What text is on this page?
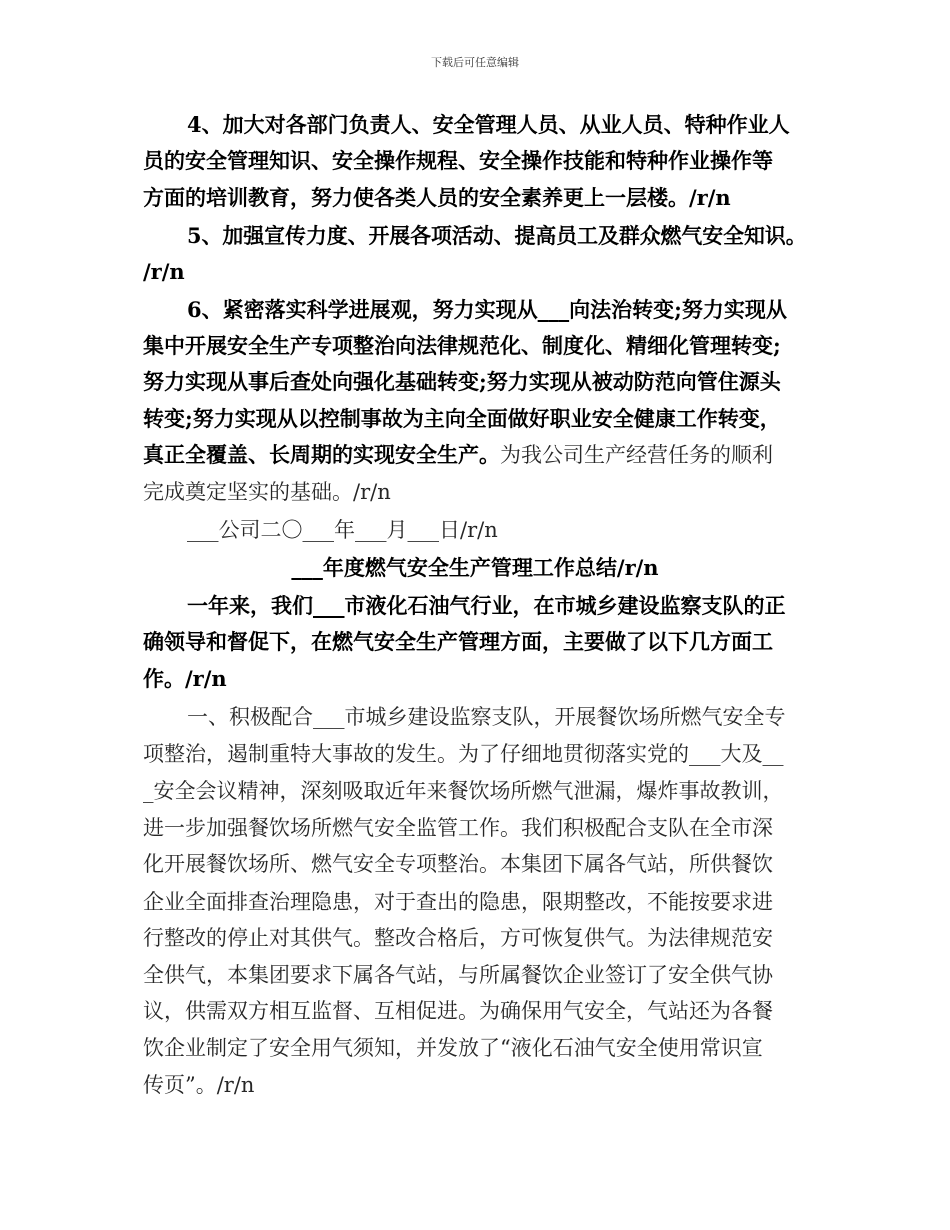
下载后可任意编辑
4、加大对各部门负责人、安全管理人员、从业人员、特种作业人
员的安全管理知识、安全操作规程、安全操作技能和特种作业操作等
方面的培训教育，努力使各类人员的安全素养更上一层楼。/r/n
5、加强宣传力度、开展各项活动、提高员工及群众燃气安全知识。
/r/n
6、紧密落实科学进展观，努力实现从___向法治转变;努力实现从
集中开展安全生产专项整治向法律规范化、制度化、精细化管理转变;
努力实现从事后查处向强化基础转变;努力实现从被动防范向管住源头
转变;努力实现从以控制事故为主向全面做好职业安全健康工作转变，
真正全覆盖、长周期的实现安全生产。为我公司生产经营任务的顺利
完成奠定坚实的基础。/r/n
___公司二〇___年___月___日/r/n
___年度燃气安全生产管理工作总结/r/n
一年来，我们___市液化石油气行业，在市城乡建设监察支队的正
确领导和督促下，在燃气安全生产管理方面，主要做了以下几方面工
作。/r/n
一、积极配合___市城乡建设监察支队，开展餐饮场所燃气安全专
项整治，遏制重特大事故的发生。为了仔细地贯彻落实党的___大及__
_安全会议精神，深刻吸取近年来餐饮场所燃气泄漏，爆炸事故教训，
进一步加强餐饮场所燃气安全监管工作。我们积极配合支队在全市深
化开展餐饮场所、燃气安全专项整治。本集团下属各气站，所供餐饮
企业全面排查治理隐患，对于查出的隐患，限期整改，不能按要求进
行整改的停止对其供气。整改合格后，方可恢复供气。为法律规范安
全供气，本集团要求下属各气站，与所属餐饮企业签订了安全供气协
议，供需双方相互监督、互相促进。为确保用气安全，气站还为各餐
饮企业制定了安全用气须知，并发放了“液化石油气安全使用常识宣
传页”。/r/n
